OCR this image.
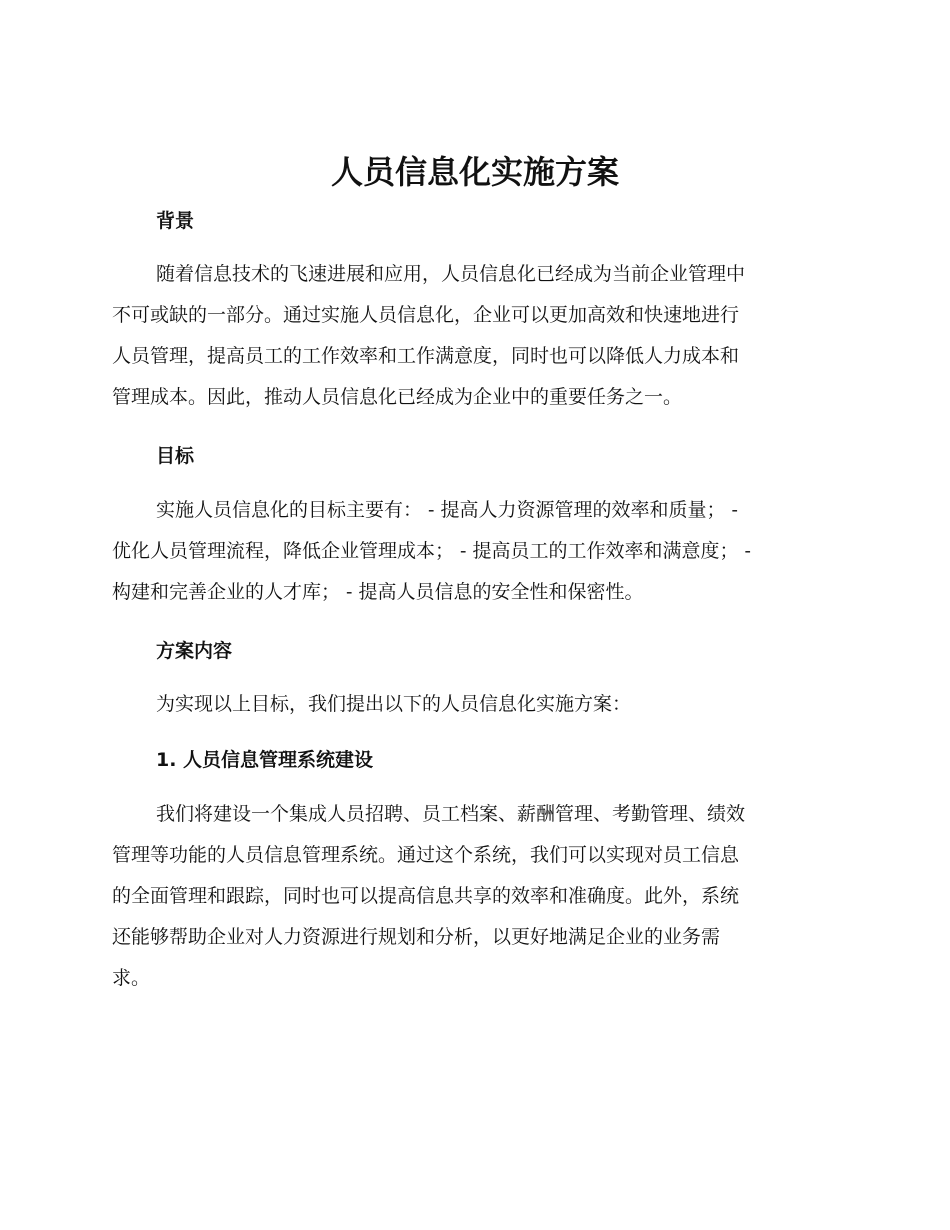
人员信息化实施方案
背景
随着信息技术的飞速进展和应用，人员信息化已经成为当前企业管理中
不可或缺的一部分。通过实施人员信息化，企业可以更加高效和快速地进行
人员管理，提高员工的工作效率和工作满意度，同时也可以降低人力成本和
管理成本。因此，推动人员信息化已经成为企业中的重要任务之一。
目标
实施人员信息化的目标主要有： - 提高人力资源管理的效率和质量； -
优化人员管理流程，降低企业管理成本； - 提高员工的工作效率和满意度； -
构建和完善企业的人才库； - 提高人员信息的安全性和保密性。
方案内容
为实现以上目标，我们提出以下的人员信息化实施方案：
1. 人员信息管理系统建设
我们将建设一个集成人员招聘、员工档案、薪酬管理、考勤管理、绩效
管理等功能的人员信息管理系统。通过这个系统，我们可以实现对员工信息
的全面管理和跟踪，同时也可以提高信息共享的效率和准确度。此外，系统
还能够帮助企业对人力资源进行规划和分析，以更好地满足企业的业务需
求。
